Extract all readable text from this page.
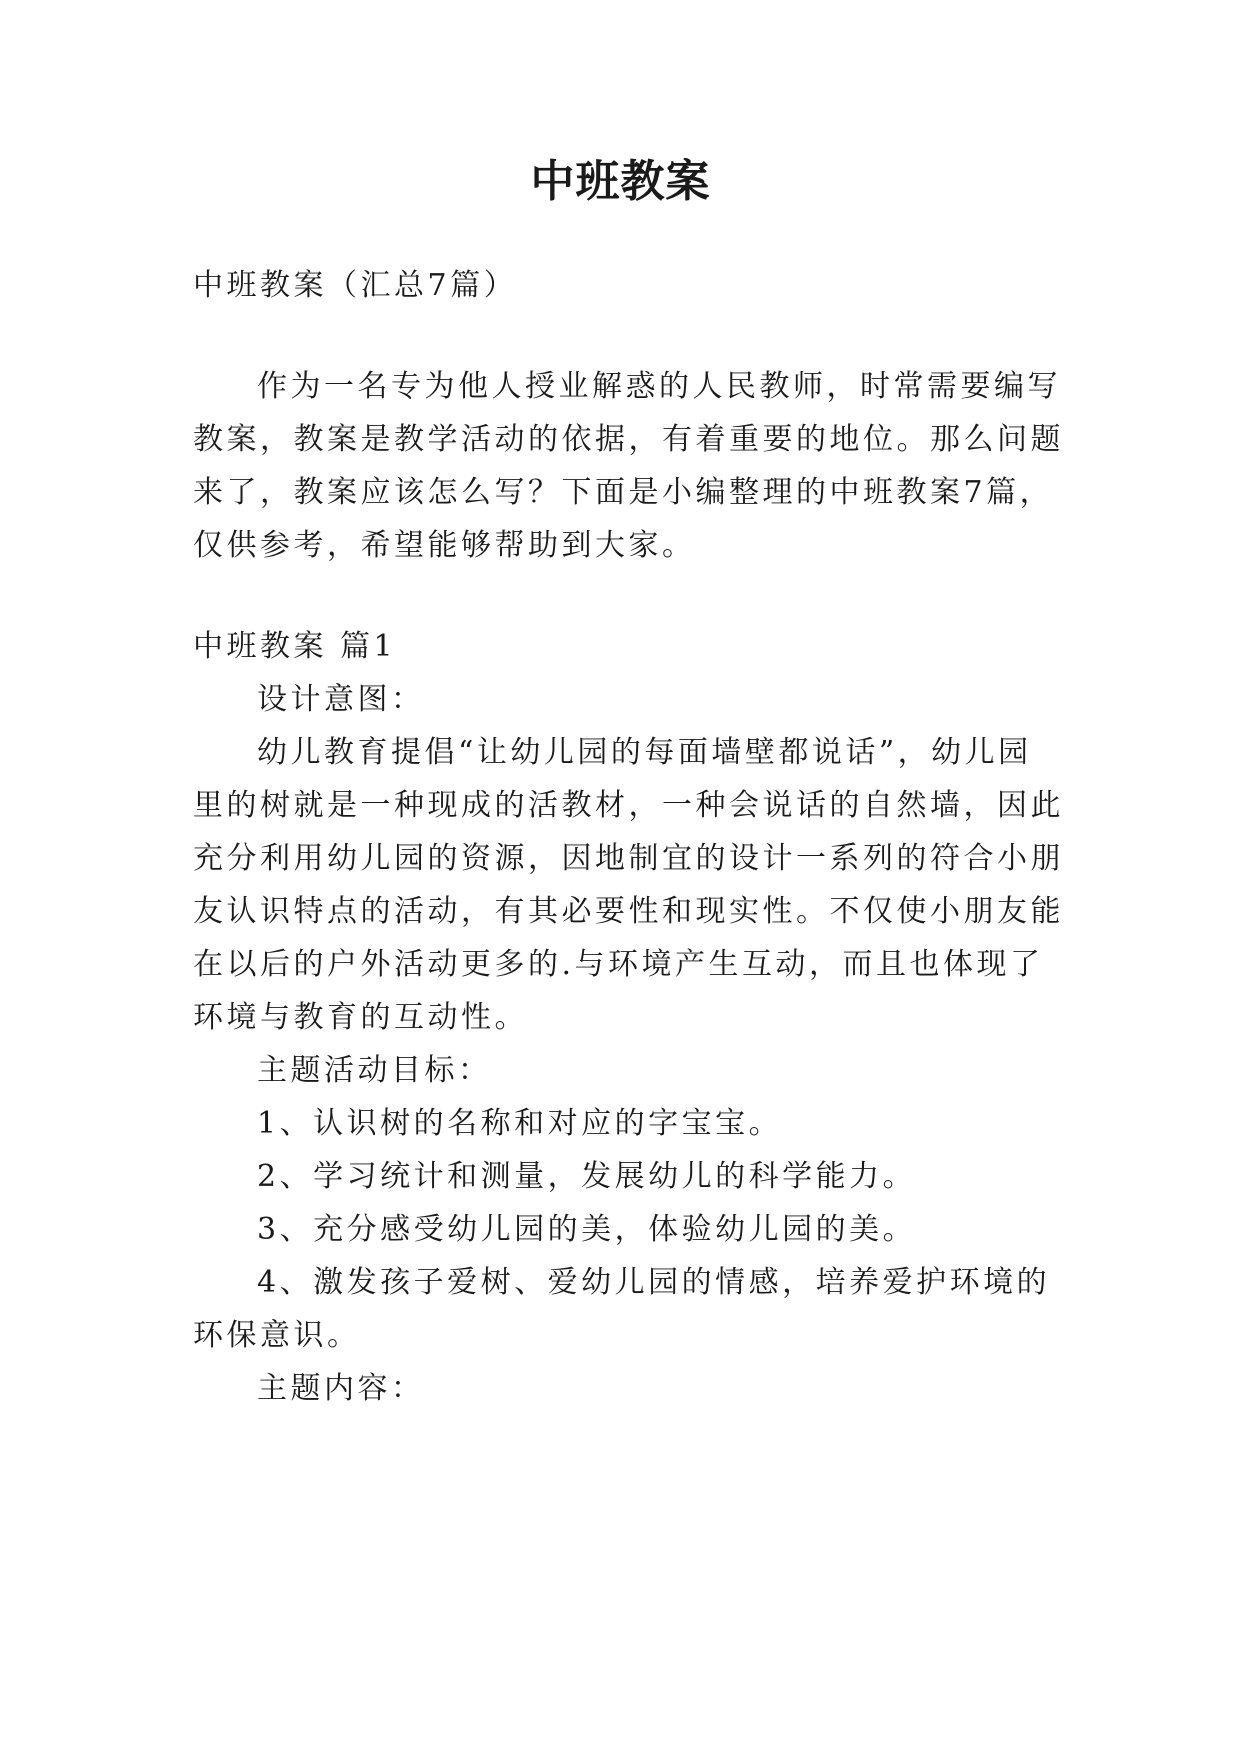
中班教案

中班教案（汇总7篇）

作为一名专为他人授业解惑的人民教师，时常需要编写

教案，教案是教学活动的依据，有着重要的地位。那么问题

来了，教案应该怎么写？下面是小编整理的中班教案7篇，

仅供参考，希望能够帮助到大家。

中班教案 篇1

设计意图：

幼儿教育提倡“让幼儿园的每面墙壁都说话”，幼儿园

里的树就是一种现成的活教材，一种会说话的自然墙，因此

充分利用幼儿园的资源，因地制宜的设计一系列的符合小朋

友认识特点的活动，有其必要性和现实性。不仅使小朋友能

在以后的户外活动更多的.与环境产生互动，而且也体现了

环境与教育的互动性。

主题活动目标：

1、认识树的名称和对应的字宝宝。

2、学习统计和测量，发展幼儿的科学能力。

3、充分感受幼儿园的美，体验幼儿园的美。

4、激发孩子爱树、爱幼儿园的情感，培养爱护环境的

环保意识。

主题内容：
